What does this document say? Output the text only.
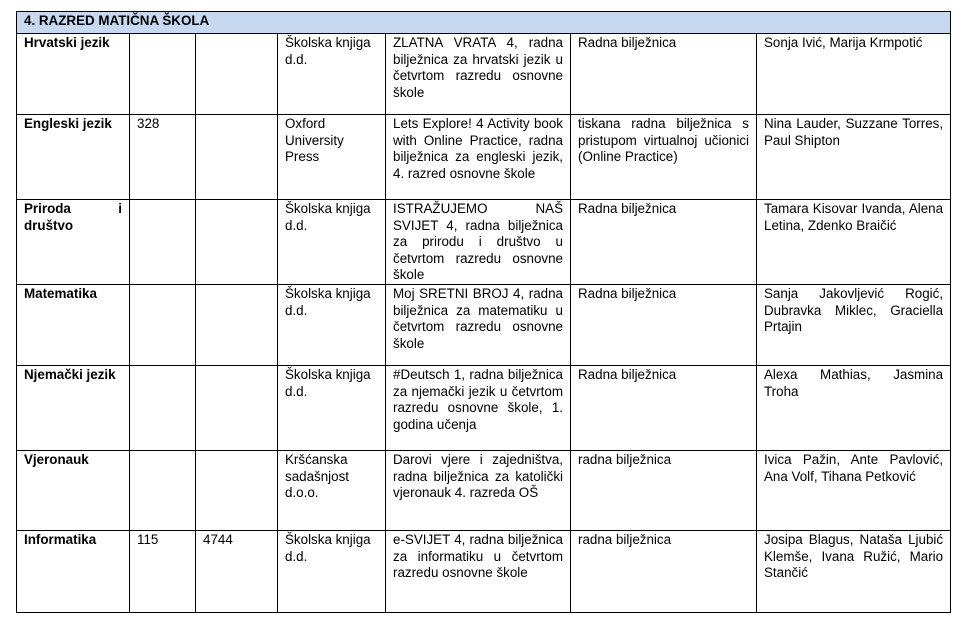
4. RAZRED MATIČNA ŠKOLA						
Hrvatski jezik			Školska knjiga d.d.	ZLATNA VRATA 4, radna bilježnica za hrvatski jezik u četvrtom razredu osnovne škole	Radna bilježnica	Sonja Ivić, Marija Krmpotić
Engleski jezik	328		Oxford University Press	Lets Explore! 4 Activity book with Online Practice, radna bilježnica za engleski jezik, 4. razred osnovne škole	tiskana radna bilježnica s pristupom virtualnoj učionici (Online Practice)	Nina Lauder, Suzzane Torres, Paul Shipton
Priroda i društvo			Školska knjiga d.d.	ISTRAŽUJEMO NAŠ SVIJET 4, radna bilježnica za prirodu i društvo u četvrtom razredu osnovne škole	Radna bilježnica	Tamara Kisovar Ivanda, Alena Letina, Zdenko Braičić
Matematika			Školska knjiga d.d.	Moj SRETNI BROJ 4, radna bilježnica za matematiku u četvrtom razredu osnovne škole	Radna bilježnica	Sanja Jakovljević Rogić, Dubravka Miklec, Graciella Prtajin
Njemački jezik			Školska knjiga d.d.	#Deutsch 1, radna bilježnica za njemački jezik u četvrtom razredu osnovne škole, 1. godina učenja	Radna bilježnica	Alexa Mathias, Jasmina Troha
Vjeronauk			Kršćanska sadašnjost d.o.o.	Darovi vjere i zajedništva, radna bilježnica za katolički vjeronauk 4. razreda OŠ	radna bilježnica	Ivica Pažin, Ante Pavlović, Ana Volf, Tihana Petković
Informatika	115	4744	Školska knjiga d.d.	e-SVIJET 4, radna bilježnica za informatiku u četvrtom razredu osnovne škole	radna bilježnica	Josipa Blagus, Nataša Ljubić Klemše, Ivana Ružić, Mario Stančić
